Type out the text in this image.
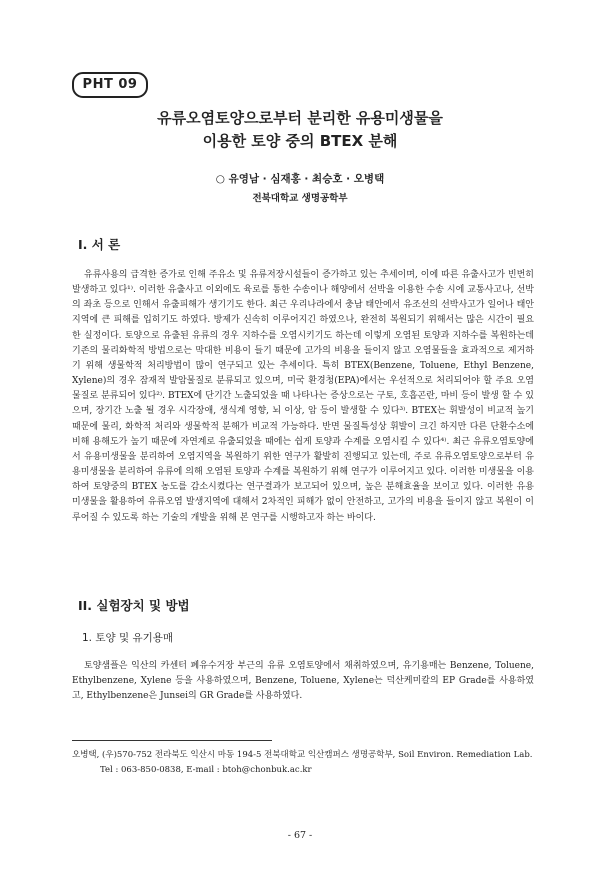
PHT 09
유류오염토양으로부터 분리한 유용미생물을
이용한 토양 중의 BTEX 분해
○ 유영남 · 심재홍 · 최승호 · 오병택
전북대학교 생명공학부
I. 서 론

유류사용의 급격한 증가로 인해 주유소 및 유류저장시설들이 증가하고 있는 추세이며, 이에 따른 유출사고가 빈번히 발생하고 있다¹⁾. 이러한 유출사고 이외에도 육로를 통한 수송이나 해양에서 선박을 이용한 수송 시에 교통사고나, 선박의 좌초 등으로 인해서 유출피해가 생기기도 한다. 최근 우리나라에서 충남 태안에서 유조선의 선박사고가 일어나 태안지역에 큰 피해를 입히기도 하였다. 방제가 신속히 이루어지긴 하였으나, 완전히 복원되기 위해서는 많은 시간이 필요한 실정이다. 토양으로 유출된 유류의 경우 지하수를 오염시키기도 하는데 이렇게 오염된 토양과 지하수를 복원하는데 기존의 물리화학적 방법으로는 막대한 비용이 들기 때문에 고가의 비용을 들이지 않고 오염물들을 효과적으로 제거하기 위해 생물학적 처리방법이 많이 연구되고 있는 추세이다. 특히 BTEX(Benzene, Toluene, Ethyl Benzene, Xylene)의 경우 잠재적 발암물질로 분류되고 있으며, 미국 환경청(EPA)에서는 우선적으로 처리되어야 할 주요 오염 물질로 분류되어 있다²⁾. BTEX에 단기간 노출되었을 때 나타나는 증상으로는 구토, 호흡곤란, 마비 등이 발생 할 수 있으며, 장기간 노출 될 경우 시각장애, 생식계 영향, 뇌 이상, 암 등이 발생할 수 있다³⁾. BTEX는 휘발성이 비교적 높기 때문에 물리, 화학적 처리와 생물학적 분해가 비교적 가능하다. 반면 물질특성상 휘발이 크긴 하지만 다른 단환수소에 비해 용해도가 높기 때문에 자연계로 유출되었을 때에는 쉽게 토양과 수계를 오염시킬 수 있다⁴⁾. 최근 유류오염토양에서 유용미생물을 분리하여 오염지역을 복원하기 위한 연구가 활발히 진행되고 있는데, 주로 유류오염토양으로부터 유용미생물을 분리하여 유류에 의해 오염된 토양과 수계를 복원하기 위해 연구가 이루어지고 있다. 이러한 미생물을 이용하여 토양중의 BTEX 농도를 감소시켰다는 연구결과가 보고되어 있으며, 높은 분해효율을 보이고 있다. 이러한 유용 미생물을 활용하여 유류오염 발생지역에 대해서 2차적인 피해가 없이 안전하고, 고가의 비용을 들이지 않고 복원이 이루어질 수 있도록 하는 기술의 개발을 위해 본 연구를 시행하고자 하는 바이다.

II. 실험장치 및 방법
1. 토양 및 유기용매

토양샘플은 익산의 카센터 폐유수거장 부근의 유류 오염토양에서 채취하였으며, 유기용매는 Benzene, Toluene, Ethylbenzene, Xylene 등을 사용하였으며, Benzene, Toluene, Xylene는 덕산케미칼의 EP Grade를 사용하였고, Ethylbenzene은 Junsei의 GR Grade를 사용하였다.

오병택, (우)570-752 전라북도 익산시 마동 194-5 전북대학교 익산캠퍼스 생명공학부, Soil Environ. Remediation Lab.
Tel : 063-850-0838, E-mail : btoh@chonbuk.ac.kr
- 67 -
